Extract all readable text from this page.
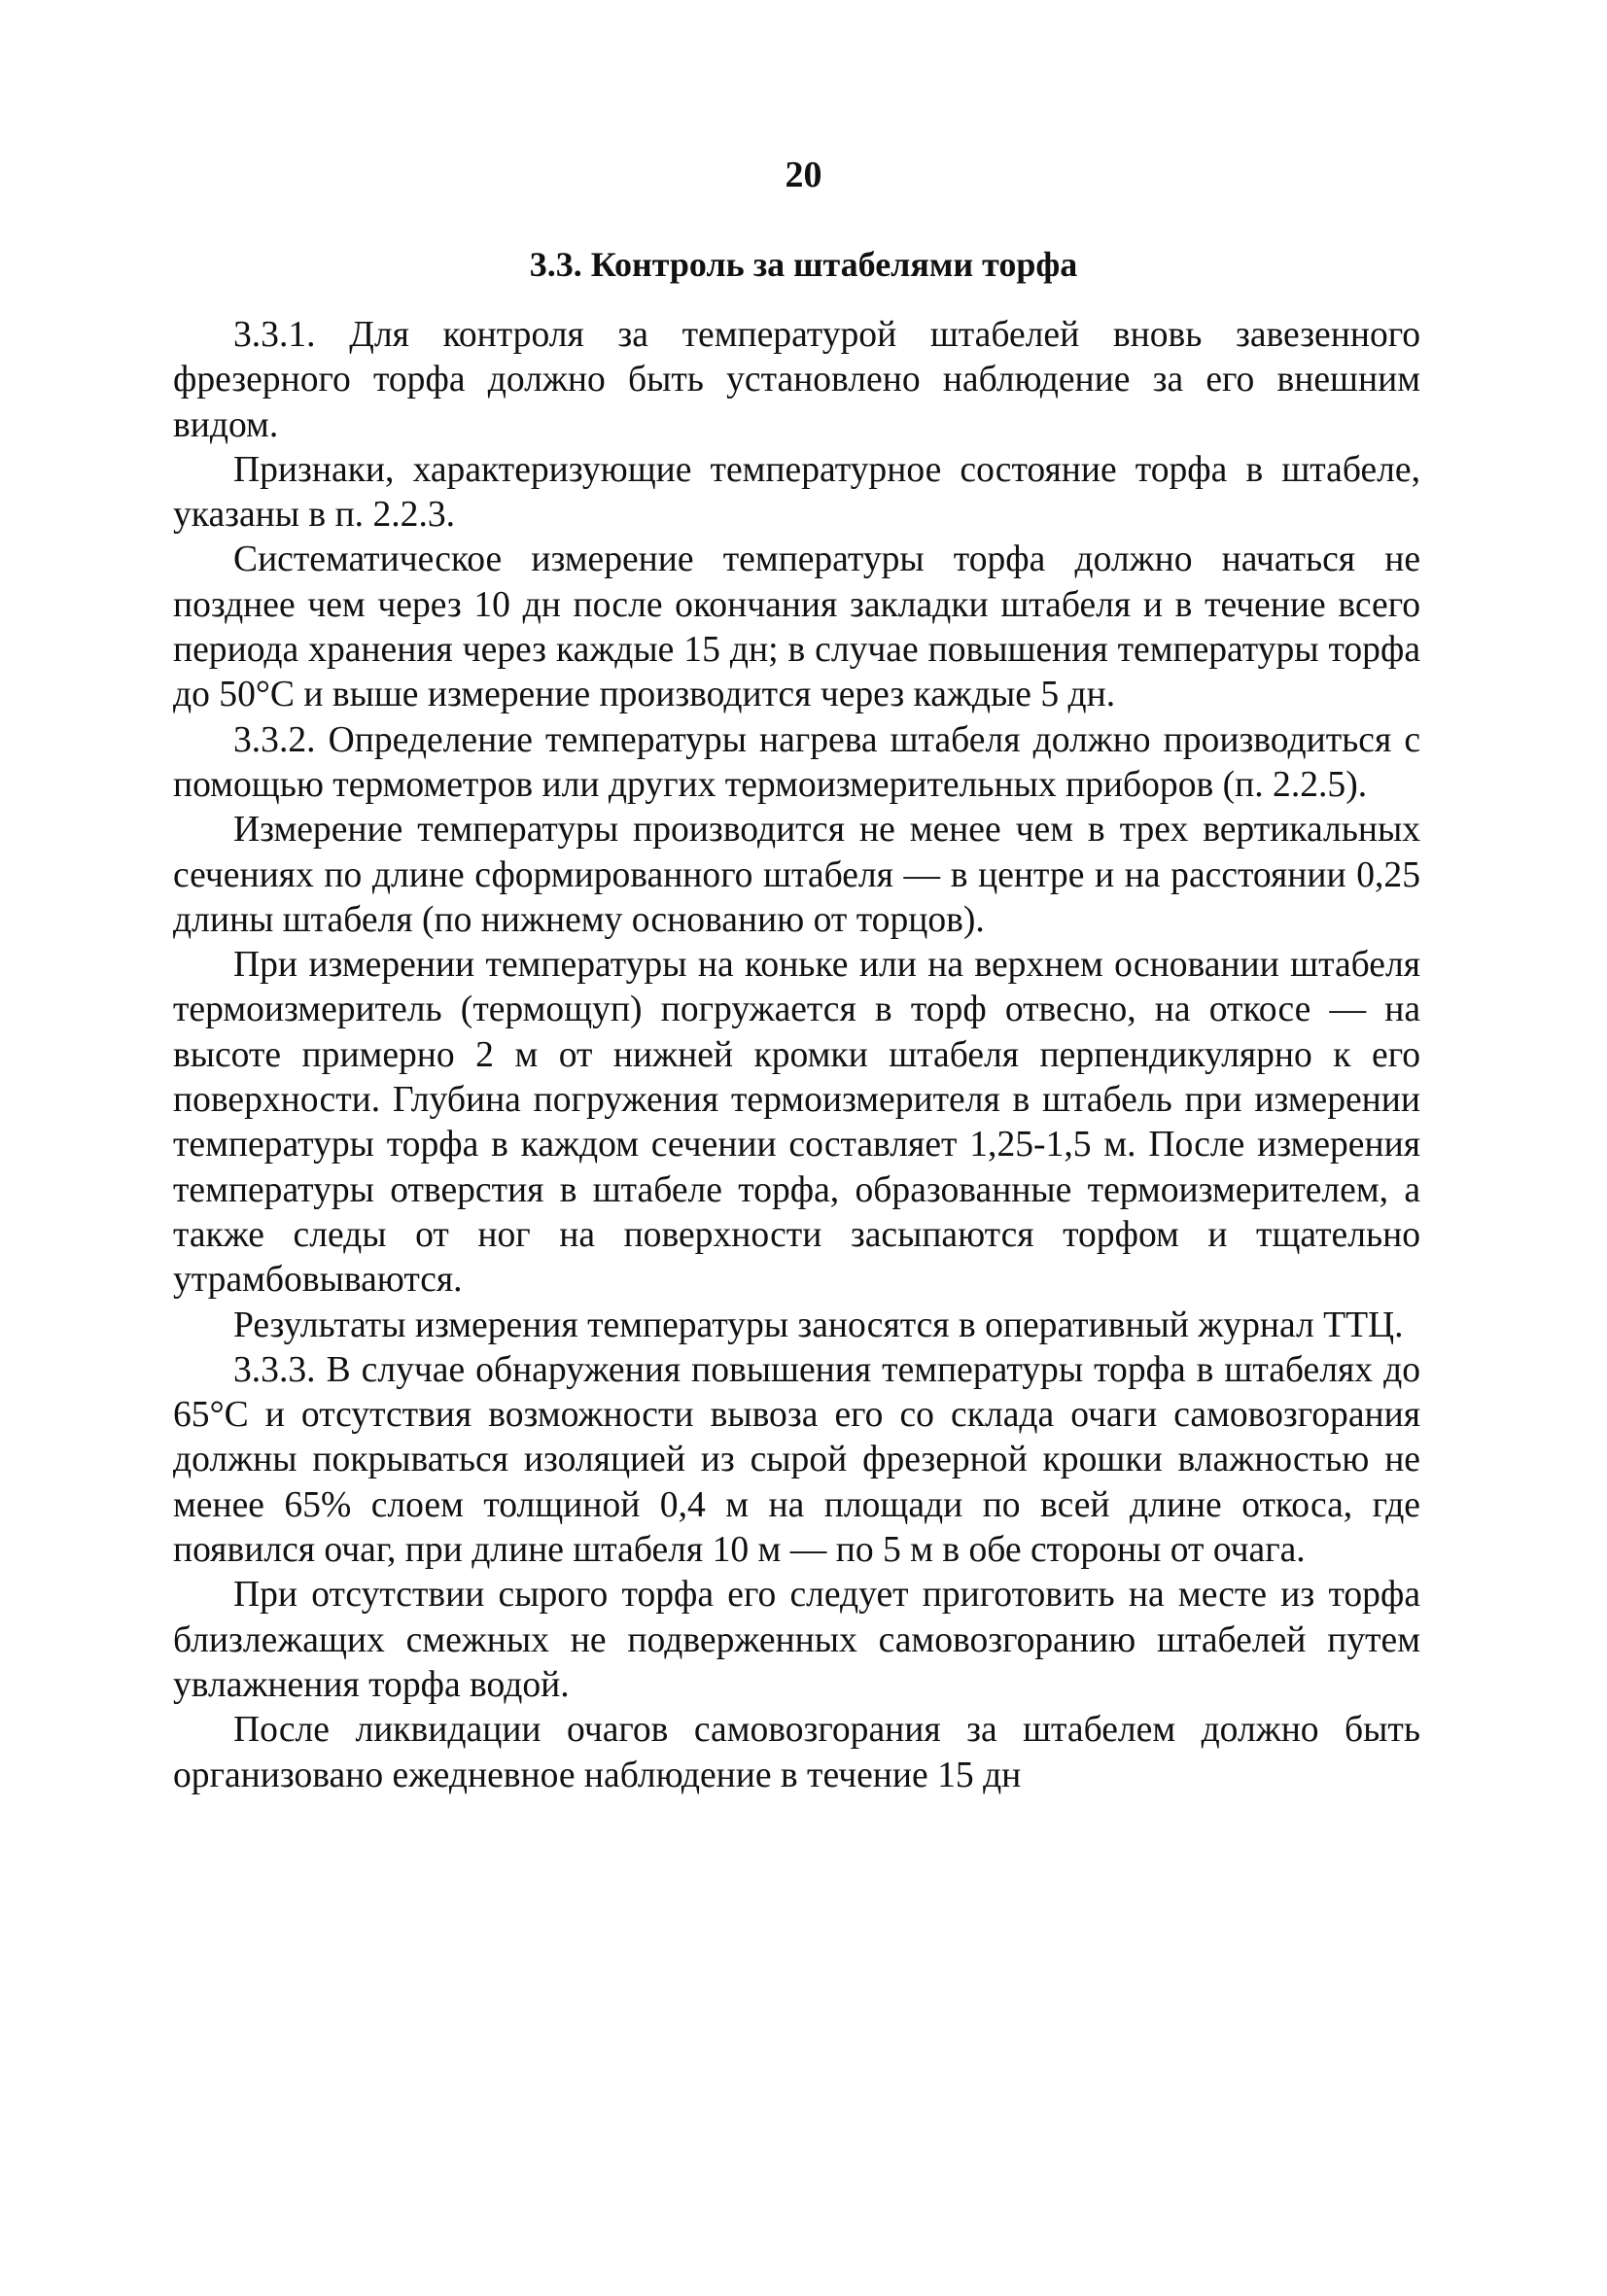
20
3.3. Контроль за штабелями торфа

3.3.1. Для контроля за температурой штабелей вновь завезенного фрезерного торфа должно быть установлено наблюдение за его внешним видом.

Признаки, характеризующие температурное состояние торфа в штабеле, указаны в п. 2.2.3.

Систематическое измерение температуры торфа должно начаться не позднее чем через 10 дн после окончания закладки штабеля и в течение всего периода хранения через каждые 15 дн; в случае повышения температуры торфа до 50°С и выше измерение производится через каждые 5 дн.

3.3.2. Определение температуры нагрева штабеля должно производиться с помощью термометров или других термоизмерительных приборов (п. 2.2.5).

Измерение температуры производится не менее чем в трех вертикальных сечениях по длине сформированного штабеля — в центре и на расстоянии 0,25 длины штабеля (по нижнему основанию от торцов).

При измерении температуры на коньке или на верхнем основании штабеля термоизмеритель (термощуп) погружается в торф отвесно, на откосе — на высоте примерно 2 м от нижней кромки штабеля перпендикулярно к его поверхности. Глубина погружения термоизмерителя в штабель при измерении температуры торфа в каждом сечении составляет 1,25-1,5 м. После измерения температуры отверстия в штабеле торфа, образованные термоизмерителем, а также следы от ног на поверхности засыпаются торфом и тщательно утрамбовываются.

Результаты измерения температуры заносятся в оперативный журнал ТТЦ.

3.3.3. В случае обнаружения повышения температуры торфа в штабелях до 65°С и отсутствия возможности вывоза его со склада очаги самовозгорания должны покрываться изоляцией из сырой фрезерной крошки влажностью не менее 65% слоем толщиной 0,4 м на площади по всей длине откоса, где появился очаг, при длине штабеля 10 м — по 5 м в обе стороны от очага.

При отсутствии сырого торфа его следует приготовить на месте из торфа близлежащих смежных не подверженных самовозгоранию штабелей путем увлажнения торфа водой.

После ликвидации очагов самовозгорания за штабелем должно быть организовано ежедневное наблюдение в течение 15 дн
